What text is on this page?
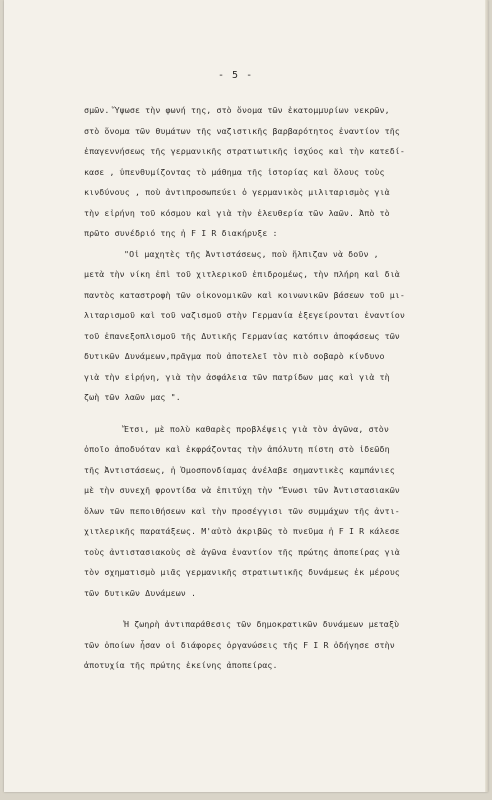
- 5 -
σμῶν. Ὕψωσε τὴν φωνή της, στὸ ὄνομα τῶν ἑκατομμυρίων νεκρῶν,
στὸ ὄνομα τῶν θυμάτων τῆς ναζιστικῆς βαρβαρότητος ἐναντίον τῆς
ἐπαγεννήσεως τῆς γερμανικῆς στρατιωτικῆς ἰσχύος καὶ τὴν κατεδί-
κασε , ὑπενθυμίζοντας τὸ μάθημα τῆς ἱστορίας καὶ ὅλους τοὺς
κινδύνους , ποὺ ἀντιπροσωπεύει ὁ γερμανικὸς μιλιταρισμὸς γιὰ
τὴν εἰρήνη τοῦ κόσμου καὶ γιὰ τὴν ἐλευθερία τῶν λαῶν. Ἀπὸ τὸ
πρῶτο συνέδριό της ἡ F I R διακήρυξε :
"Οἱ μαχητὲς τῆς Ἀντιστάσεως, ποὺ ἤλπιζαν νὰ δοῦν ,
μετὰ τὴν νίκη ἐπὶ τοῦ χιτλερικοῦ ἐπιδρομέως, τὴν πλήρη καὶ διὰ
παντὸς καταστροφὴ τῶν οἰκονομικῶν καὶ κοινωνικῶν βάσεων τοῦ μι-
λιταρισμοῦ καὶ τοῦ ναζισμοῦ στὴν Γερμανία ἐξεγείρονται ἐναντίον
τοῦ ἐπανεξοπλισμοῦ τῆς Δυτικῆς Γερμανίας κατόπιν ἀποφάσεως τῶν
δυτικῶν Δυνάμεων,πρᾶγμα ποὺ ἀποτελεῖ τὸν πιὸ σοβαρὸ κίνδυνο
γιὰ τὴν εἰρήνη, γιὰ τὴν ἀσφάλεια τῶν πατρίδων μας καὶ γιὰ τὴ
ζωὴ τῶν λαῶν μας ".
Ἔτσι, μὲ πολὺ καθαρὲς προβλέψεις γιὰ τὸν ἀγῶνα, στὸν
ὁποῖο ἀποδυόταν καὶ ἐκφράζοντας τὴν ἀπόλυτη πίστη στὸ ἰδεῶδη
τῆς Ἀντιστάσεως, ἡ Ὁμοσπονδίαμας ἀνέλαβε σημαντικὲς καμπάνιες
μὲ τὴν συνεχῆ φροντίδα νὰ ἐπιτύχη τὴν "Ἑνωσι τῶν Ἀντιστασιακῶν
ὅλων τῶν πεποιθήσεων καὶ τὴν προσέγγισι τῶν συμμάχων τῆς ἀντι-
χιτλερικῆς παρατάξεως. Μ'αὐτὸ ἀκριβῶς τὸ πνεῦμα ἡ F I R κάλεσε
τοὺς ἀντιστασιακοὺς σὲ ἀγῶνα ἐναντίον τῆς πρώτης ἀποπείρας γιὰ
τὸν σχηματισμὸ μιᾶς γερμανικῆς στρατιωτικῆς δυνάμεως ἐκ μέρους
τῶν δυτικῶν Δυνάμεων .
Ἡ ζωηρὴ ἀντιπαράθεσις τῶν δημοκρατικῶν δυνάμεων μεταξὺ
τῶν ὁποίων ἦσαν οἱ διάφορες ὀργανώσεις τῆς F I R ὁδήγησε στὴν
ἀποτυχία τῆς πρώτης ἐκείνης ἀποπείρας.
